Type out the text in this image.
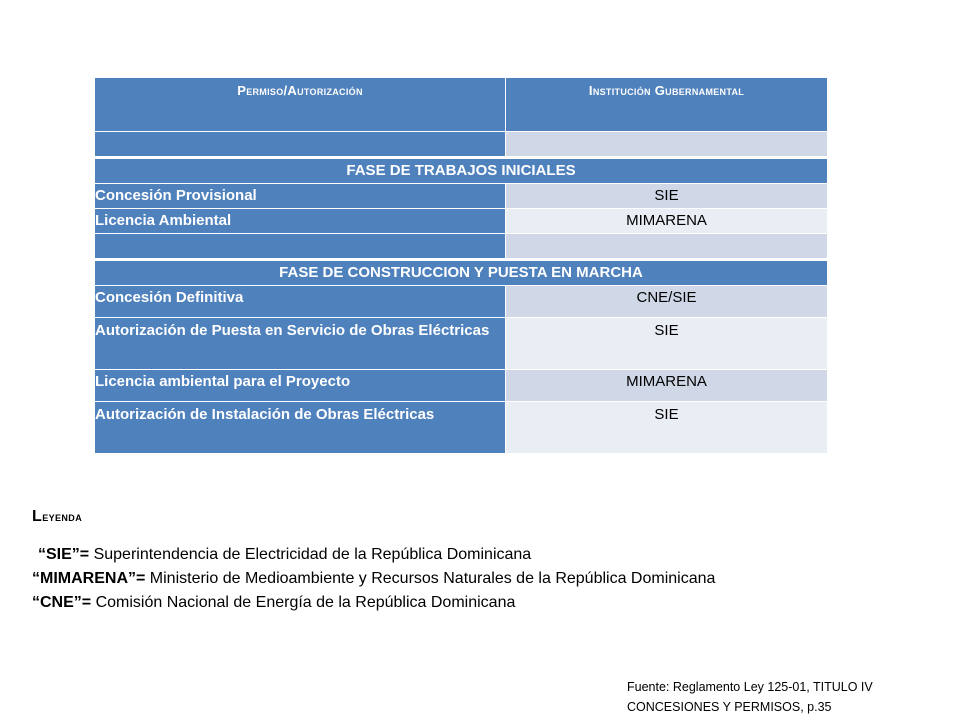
Permiso/Autorización	Institución Gubernamental

FASE DE TRABAJOS INICIALES	
Concesión Provisional	SIE
Licencia Ambiental	MIMARENA

FASE DE CONSTRUCCION Y PUESTA EN MARCHA	
Concesión Definitiva	CNE/SIE
Autorización de Puesta en Servicio de Obras Eléctricas	SIE
Licencia ambiental para el Proyecto	MIMARENA
Autorización de Instalación de Obras Eléctricas	SIE
Leyenda
“SIE”= Superintendencia de Electricidad de la República Dominicana
“MIMARENA”= Ministerio de Medioambiente y Recursos Naturales de la República Dominicana
“CNE”= Comisión Nacional de Energía de la República Dominicana
Fuente: Reglamento Ley 125-01, TITULO IV
CONCESIONES Y PERMISOS, p.35
